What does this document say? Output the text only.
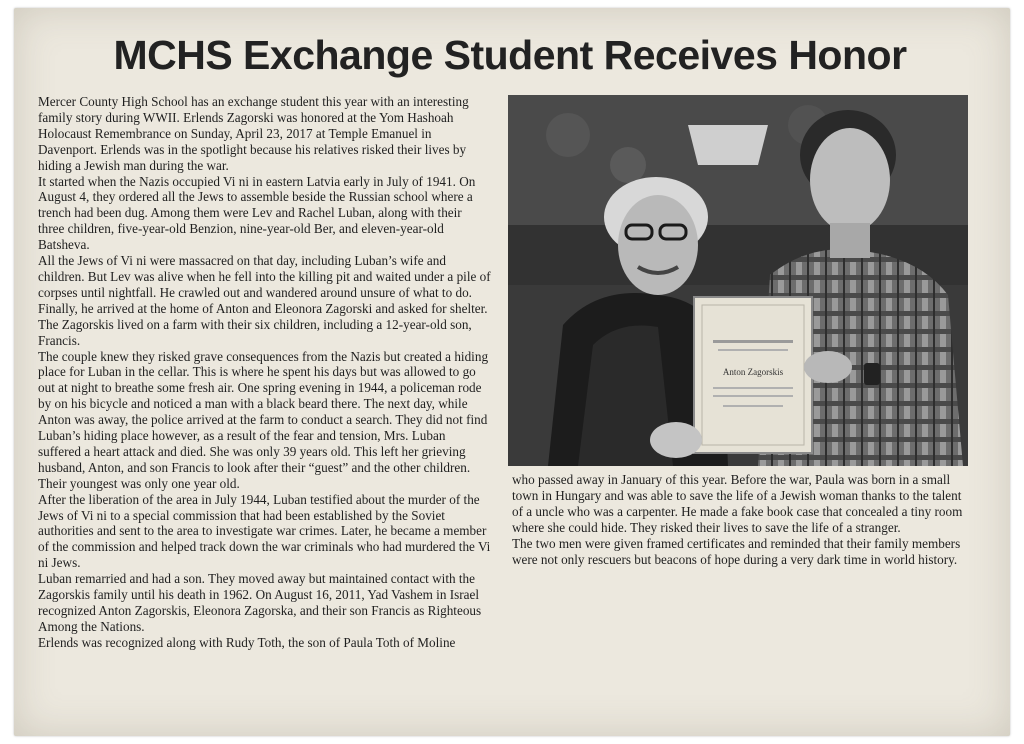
MCHS Exchange Student Receives Honor

Mercer County High School has an exchange student this year with an interesting family story during WWII. Erlends Zagorski was honored at the Yom Hashoah Holocaust Remembrance on Sunday, April 23, 2017 at Temple Emanuel in Davenport. Erlends was in the spotlight because his relatives risked their lives by hiding a Jewish man during the war.

It started when the Nazis occupied Vi ni in eastern Latvia early in July of 1941. On August 4, they ordered all the Jews to assemble beside the Russian school where a trench had been dug. Among them were Lev and Rachel Luban, along with their three children, five-year-old Benzion, nine-year-old Ber, and eleven-year-old Batsheva.

All the Jews of Vi ni were massacred on that day, including Luban’s wife and children. But Lev was alive when he fell into the killing pit and waited under a pile of corpses until nightfall. He crawled out and wandered around unsure of what to do. Finally, he arrived at the home of Anton and Eleonora Zagorski and asked for shelter. The Zagorskis lived on a farm with their six children, including a 12-year-old son, Francis.

The couple knew they risked grave consequences from the Nazis but created a hiding place for Luban in the cellar. This is where he spent his days but was allowed to go out at night to breathe some fresh air. One spring evening in 1944, a policeman rode by on his bicycle and noticed a man with a black beard there. The next day, while Anton was away, the police arrived at the farm to conduct a search. They did not find Luban’s hiding place however, as a result of the fear and tension, Mrs. Luban suffered a heart attack and died. She was only 39 years old. This left her grieving husband, Anton, and son Francis to look after their “guest” and the other children. Their youngest was only one year old.

After the liberation of the area in July 1944, Luban testified about the murder of the Jews of Vi ni to a special commission that had been established by the Soviet authorities and sent to the area to investigate war crimes. Later, he became a member of the commission and helped track down the war criminals who had murdered the Vi ni Jews.

Luban remarried and had a son. They moved away but maintained contact with the Zagorskis family until his death in 1962. On August 16, 2011, Yad Vashem in Israel recognized Anton Zagorskis, Eleonora Zagorska, and their son Francis as Righteous Among the Nations.

Erlends was recognized along with Rudy Toth, the son of Paula Toth of Moline

Anton Zagorskis

who passed away in January of this year. Before the war, Paula was born in a small town in Hungary and was able to save the life of a Jewish woman thanks to the talent of a uncle who was a carpenter. He made a fake book case that concealed a tiny room where she could hide. They risked their lives to save the life of a stranger.

The two men were given framed certificates and reminded that their family members were not only rescuers but beacons of hope during a very dark time in world history.
